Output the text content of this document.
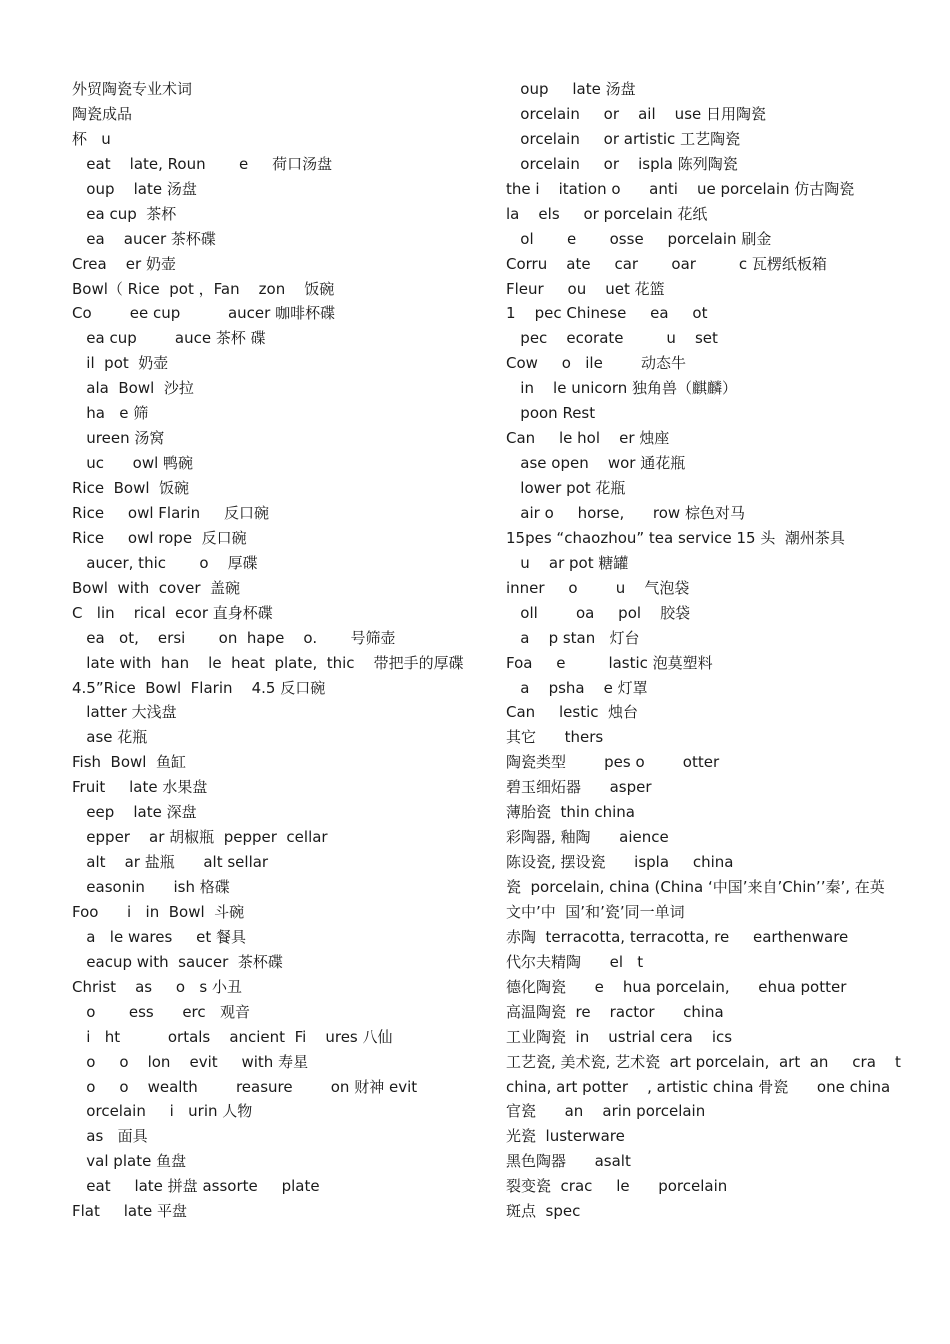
外贸陶瓷专业术词
陶瓷成品
杯   u
eat    late, Roun       e     荷口汤盘
oup    late 汤盘
ea cup  茶杯
ea    aucer 茶杯碟
Crea    er 奶壶
Bowl（ Rice  pot ，Fan    zon    饭碗
Co        ee cup          aucer 咖啡杯碟
ea cup        auce 茶杯 碟
il  pot  奶壶
ala  Bowl  沙拉
ha   e 筛
ureen 汤窝
uc      owl 鸭碗
Rice  Bowl  饭碗
Rice     owl Flarin     反口碗
Rice     owl rope  反口碗
aucer, thic       o    厚碟
Bowl  with  cover  盖碗
C   lin    rical  ecor 直身杯碟
ea   ot,    ersi       on  hape    o.       号筛壶
late with  han    le  heat  plate,  thic    带把手的厚碟
4.5”Rice  Bowl  Flarin    4.5 反口碗
latter 大浅盘
ase 花瓶
Fish  Bowl  鱼缸
Fruit     late 水果盘
eep    late 深盘
epper    ar 胡椒瓶  pepper  cellar
alt    ar 盐瓶      alt sellar
easonin      ish 格碟
Foo      i   in  Bowl  斗碗
a   le wares     et 餐具
eacup with  saucer  茶杯碟
Christ    as     o   s 小丑
o       ess      erc   观音
i   ht          ortals    ancient  Fi    ures 八仙
o     o    lon    evit     with 寿星
o     o    wealth        reasure        on 财神 evit
orcelain     i   urin 人物
as   面具
val plate 鱼盘
eat     late 拼盘 assorte     plate
Flat     late 平盘
oup     late 汤盘
orcelain     or    ail    use 日用陶瓷
orcelain     or artistic 工艺陶瓷
orcelain     or    ispla 陈列陶瓷
the i    itation o      anti    ue porcelain 仿古陶瓷
la    els     or porcelain 花纸
ol       e       osse     porcelain 刷金
Corru    ate     car       oar         c 瓦楞纸板箱
Fleur     ou    uet 花篮
1    pec Chinese     ea     ot
pec    ecorate         u    set
Cow     o   ile        动态牛
in    le unicorn 独角兽（麒麟）
poon Rest
Can     le hol    er 烛座
ase open    wor 通花瓶
lower pot 花瓶
air o     horse,      row 棕色对马
15pes “chaozhou” tea service 15 头  潮州茶具
u    ar pot 糖罐
inner     o        u    气泡袋
oll        oa     pol    胶袋
a    p stan   灯台
Foa     e         lastic 泡莫塑料
a    psha    e 灯罩
Can     lestic  烛台
其它      thers
陶瓷类型        pes o        otter
碧玉细炻器      asper
薄胎瓷  thin china
彩陶器, 釉陶      aience
陈设瓷, 摆设瓷      ispla     china
瓷  porcelain, china (China ‘中国’来自’Chin’’秦’, 在英
文中’中  国’和’瓷’同一单词
赤陶  terracotta, terracotta, re     earthenware
代尔夫精陶      el   t
德化陶瓷      e    hua porcelain,      ehua potter
高温陶瓷  re    ractor      china
工业陶瓷  in    ustrial cera    ics
工艺瓷, 美术瓷, 艺术瓷  art porcelain,  art  an     cra    t
china, art potter    , artistic china 骨瓷      one china
官瓷      an    arin porcelain
光瓷  lusterware
黑色陶器      asalt
裂变瓷  crac     le      porcelain
斑点  spec
